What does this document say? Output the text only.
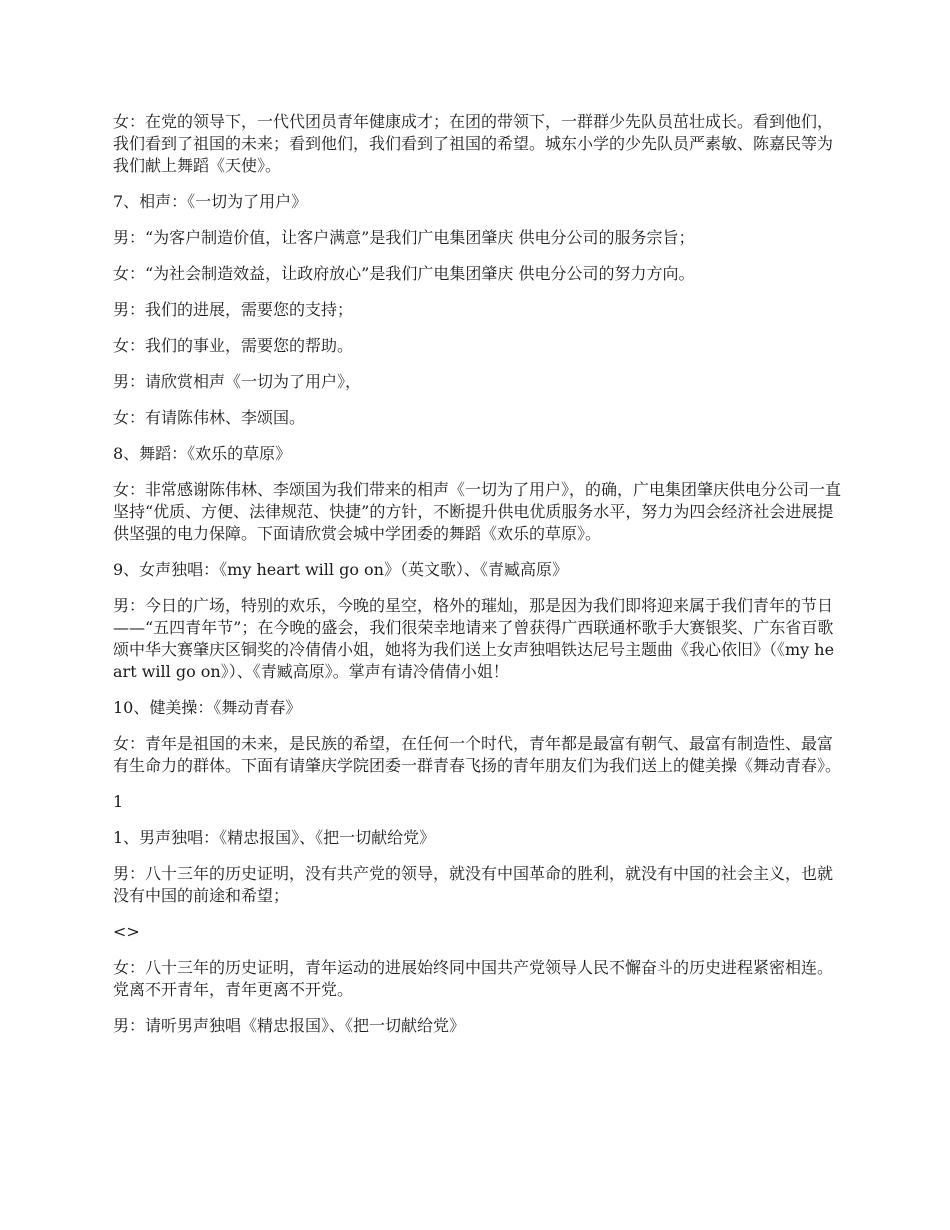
女：在党的领导下，一代代团员青年健康成才；在团的带领下，一群群少先队员茁壮成长。看到他们，我们看到了祖国的未来；看到他们，我们看到了祖国的希望。城东小学的少先队员严素敏、陈嘉民等为我们献上舞蹈《天使》。

7、相声：《一切为了用户》

男：“为客户制造价值，让客户满意”是我们广电集团肇庆 供电分公司的服务宗旨；

女：“为社会制造效益，让政府放心”是我们广电集团肇庆 供电分公司的努力方向。

男：我们的进展，需要您的支持；

女：我们的事业，需要您的帮助。

男：请欣赏相声《一切为了用户》，

女：有请陈伟林、李颂国。

8、舞蹈：《欢乐的草原》

女：非常感谢陈伟林、李颂国为我们带来的相声《一切为了用户》，的确，广电集团肇庆供电分公司一直坚持“优质、方便、法律规范、快捷”的方针，不断提升供电优质服务水平，努力为四会经济社会进展提供坚强的电力保障。下面请欣赏会城中学团委的舞蹈《欢乐的草原》。

9、女声独唱：《my heart will go on》（英文歌）、《青臧高原》

男：今日的广场，特别的欢乐，今晚的星空，格外的璀灿，那是因为我们即将迎来属于我们青年的节日——“五四青年节”；在今晚的盛会，我们很荣幸地请来了曾获得广西联通杯歌手大赛银奖、广东省百歌颂中华大赛肇庆区铜奖的冷倩倩小姐，她将为我们送上女声独唱铁达尼号主题曲《我心依旧》（《my heart will go on》）、《青臧高原》。掌声有请冷倩倩小姐！

10、健美操：《舞动青春》

女：青年是祖国的未来，是民族的希望，在任何一个时代，青年都是最富有朝气、最富有制造性、最富有生命力的群体。下面有请肇庆学院团委一群青春飞扬的青年朋友们为我们送上的健美操《舞动青春》。

1

1、男声独唱：《精忠报国》、《把一切献给党》

男：八十三年的历史证明，没有共产党的领导，就没有中国革命的胜利，就没有中国的社会主义，也就没有中国的前途和希望；

<>

女：八十三年的历史证明，青年运动的进展始终同中国共产党领导人民不懈奋斗的历史进程紧密相连。党离不开青年，青年更离不开党。

男：请听男声独唱《精忠报国》、《把一切献给党》
